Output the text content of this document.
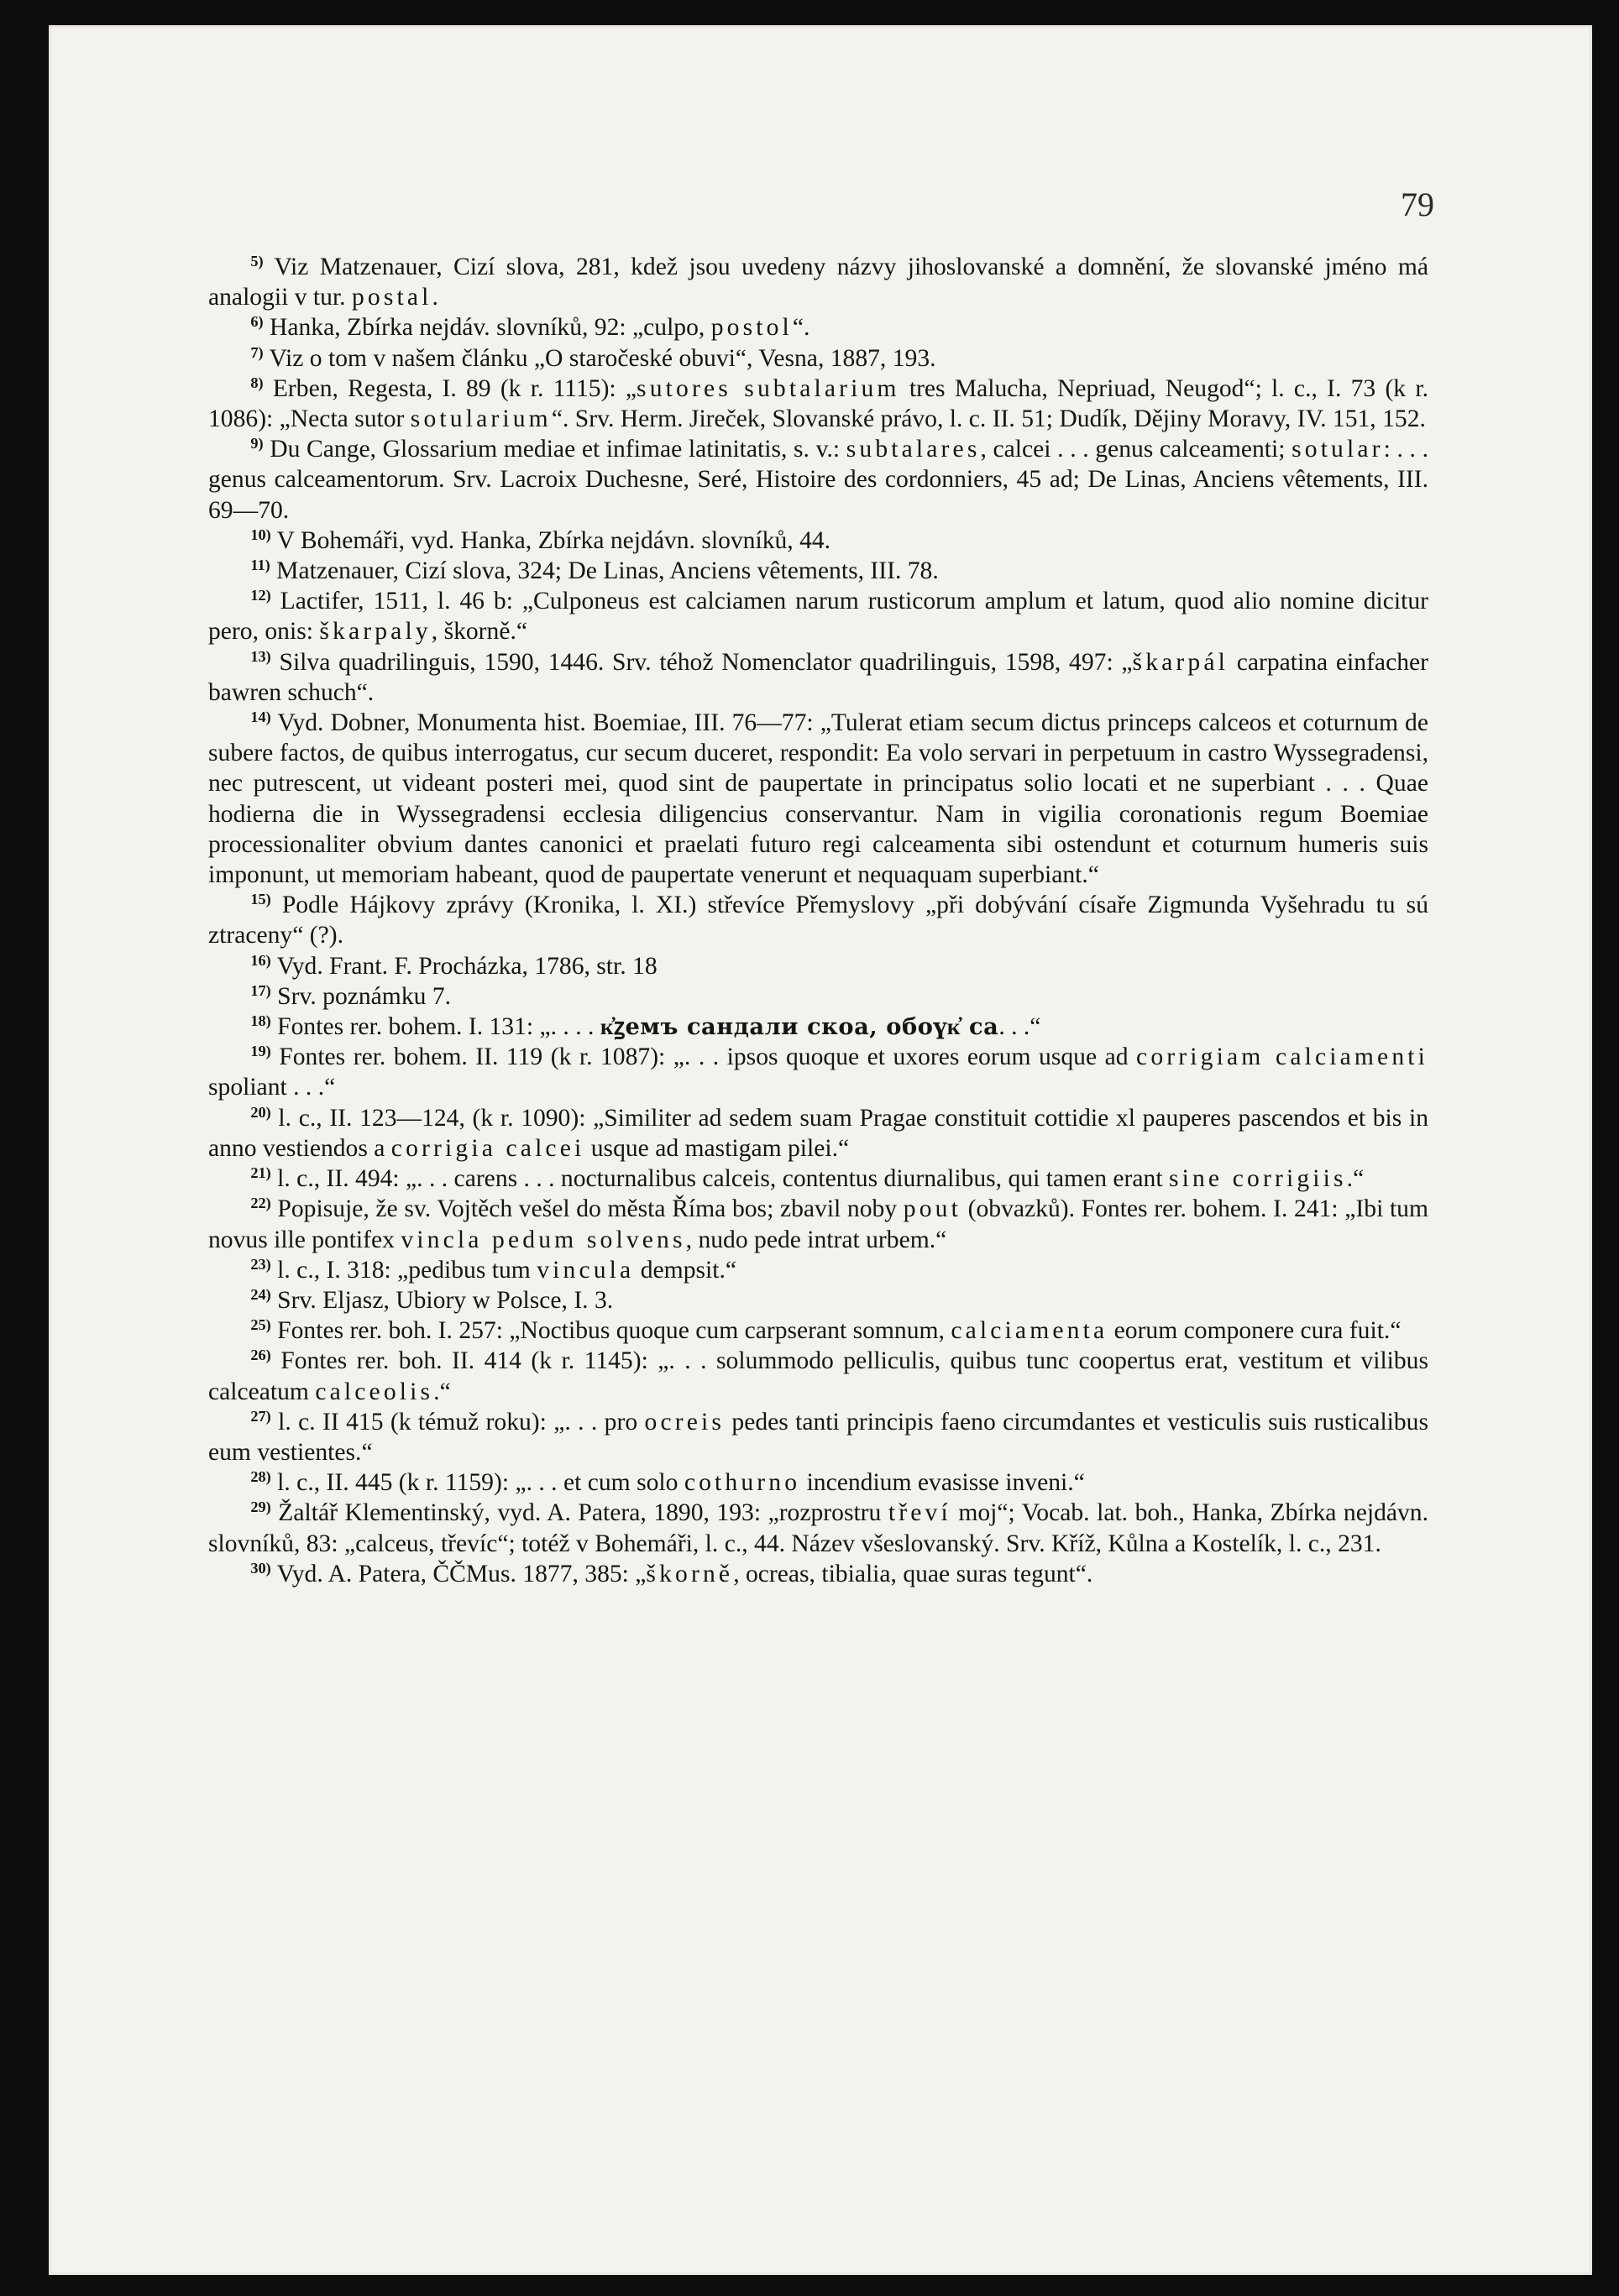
79

$^{5)}$ Viz Matzenauer, Cizí slova, 281, kdež jsou uvedeny názvy jihoslovanské a domnění, že slovanské jméno má analogii v tur. postal.

$^{6)}$ Hanka, Zbírka nejdáv. slovníků, 92: „culpo, postol“.

$^{7)}$ Viz o tom v našem článku „O staročeské obuvi“, Vesna, 1887, 193.

$^{8)}$ Erben, Regesta, I. 89 (k r. 1115): „sutores subtalarium tres Malucha, Nepriuad, Neugod“; l. c., I. 73 (k r. 1086): „Necta sutor sotularium“. Srv. Herm. Jireček, Slovanské právo, l. c. II. 51; Dudík, Dějiny Moravy, IV. 151, 152.

$^{9)}$ Du Cange, Glossarium mediae et infimae latinitatis, s. v.: subtalares, calcei . . . genus calceamenti; sotular: . . . genus calceamentorum. Srv. Lacroix Duchesne, Seré, Histoire des cordonniers, 45 ad; De Linas, Anciens vêtements, III. 69—70.

$^{10)}$ V Bohemáři, vyd. Hanka, Zbírka nejdávn. slovníků, 44.

$^{11)}$ Matzenauer, Cizí slova, 324; De Linas, Anciens vêtements, III. 78.

$^{12)}$ Lactifer, 1511, l. 46 b: „Culponeus est calciamen narum rusticorum amplum et latum, quod alio nomine dicitur pero, onis: škarpaly, škorně.“

$^{13)}$ Silva quadrilinguis, 1590, 1446. Srv. téhož Nomenclator quadrilinguis, 1598, 497: „škarpál carpatina einfacher bawren schuch“.

$^{14)}$ Vyd. Dobner, Monumenta hist. Boemiae, III. 76—77: „Tulerat etiam secum dictus princeps calceos et coturnum de subere factos, de quibus interrogatus, cur secum duceret, respondit: Ea volo servari in perpetuum in castro Wyssegradensi, nec putrescent, ut videant posteri mei, quod sint de paupertate in principatus solio locati et ne superbiant . . . Quae hodierna die in Wyssegradensi ecclesia diligencius conservantur. Nam in vigilia coronationis regum Boemiae processionaliter obvium dantes canonici et praelati futuro regi calceamenta sibi ostendunt et coturnum humeris suis imponunt, ut memoriam habeant, quod de paupertate venerunt et nequaquam superbiant.“

$^{15)}$ Podle Hájkovy zprávy (Kronika, l. XI.) střevíce Přemyslovy „při dobývání císaře Zigmunda Vyšehradu tu sú ztraceny“ (?).

$^{16)}$ Vyd. Frant. F. Procházka, 1786, str. 18

$^{17)}$ Srv. poznámku 7.

$^{18)}$ Fontes rer. bohem. I. 131: „. . . . к҆ꙁемъ сандали скоа, обоүк҆ са. . .“

$^{19)}$ Fontes rer. bohem. II. 119 (k r. 1087): „. . . ipsos quoque et uxores eorum usque ad corrigiam calciamenti spoliant . . .“

$^{20)}$ l. c., II. 123—124, (k r. 1090): „Similiter ad sedem suam Pragae constituit cottidie xl pauperes pascendos et bis in anno vestiendos a corrigia calcei usque ad mastigam pilei.“

$^{21)}$ l. c., II. 494: „. . . carens . . . nocturnalibus calceis, contentus diurnalibus, qui tamen erant sine corrigiis.“

$^{22)}$ Popisuje, že sv. Vojtěch vešel do města Říma bos; zbavil noby pout (obvazků). Fontes rer. bohem. I. 241: „Ibi tum novus ille pontifex vincla pedum solvens, nudo pede intrat urbem.“

$^{23)}$ l. c., I. 318: „pedibus tum vincula dempsit.“

$^{24)}$ Srv. Eljasz, Ubiory w Polsce, I. 3.

$^{25)}$ Fontes rer. boh. I. 257: „Noctibus quoque cum carpserant somnum, calciamenta eorum componere cura fuit.“

$^{26)}$ Fontes rer. boh. II. 414 (k r. 1145): „. . . solummodo pelliculis, quibus tunc coopertus erat, vestitum et vilibus calceatum calceolis.“

$^{27)}$ l. c. II 415 (k témuž roku): „. . . pro ocreis pedes tanti principis faeno circumdantes et vesticulis suis rusticalibus eum vestientes.“

$^{28)}$ l. c., II. 445 (k r. 1159): „. . . et cum solo cothurno incendium evasisse inveni.“

$^{29)}$ Žaltář Klementinský, vyd. A. Patera, 1890, 193: „rozprostru třeví moj“; Vocab. lat. boh., Hanka, Zbírka nejdávn. slovníků, 83: „calceus, třevíc“; totéž v Bohemáři, l. c., 44. Název všeslovanský. Srv. Kříž, Kůlna a Kostelík, l. c., 231.

$^{30)}$ Vyd. A. Patera, ČČMus. 1877, 385: „škorně, ocreas, tibialia, quae suras tegunt“.
